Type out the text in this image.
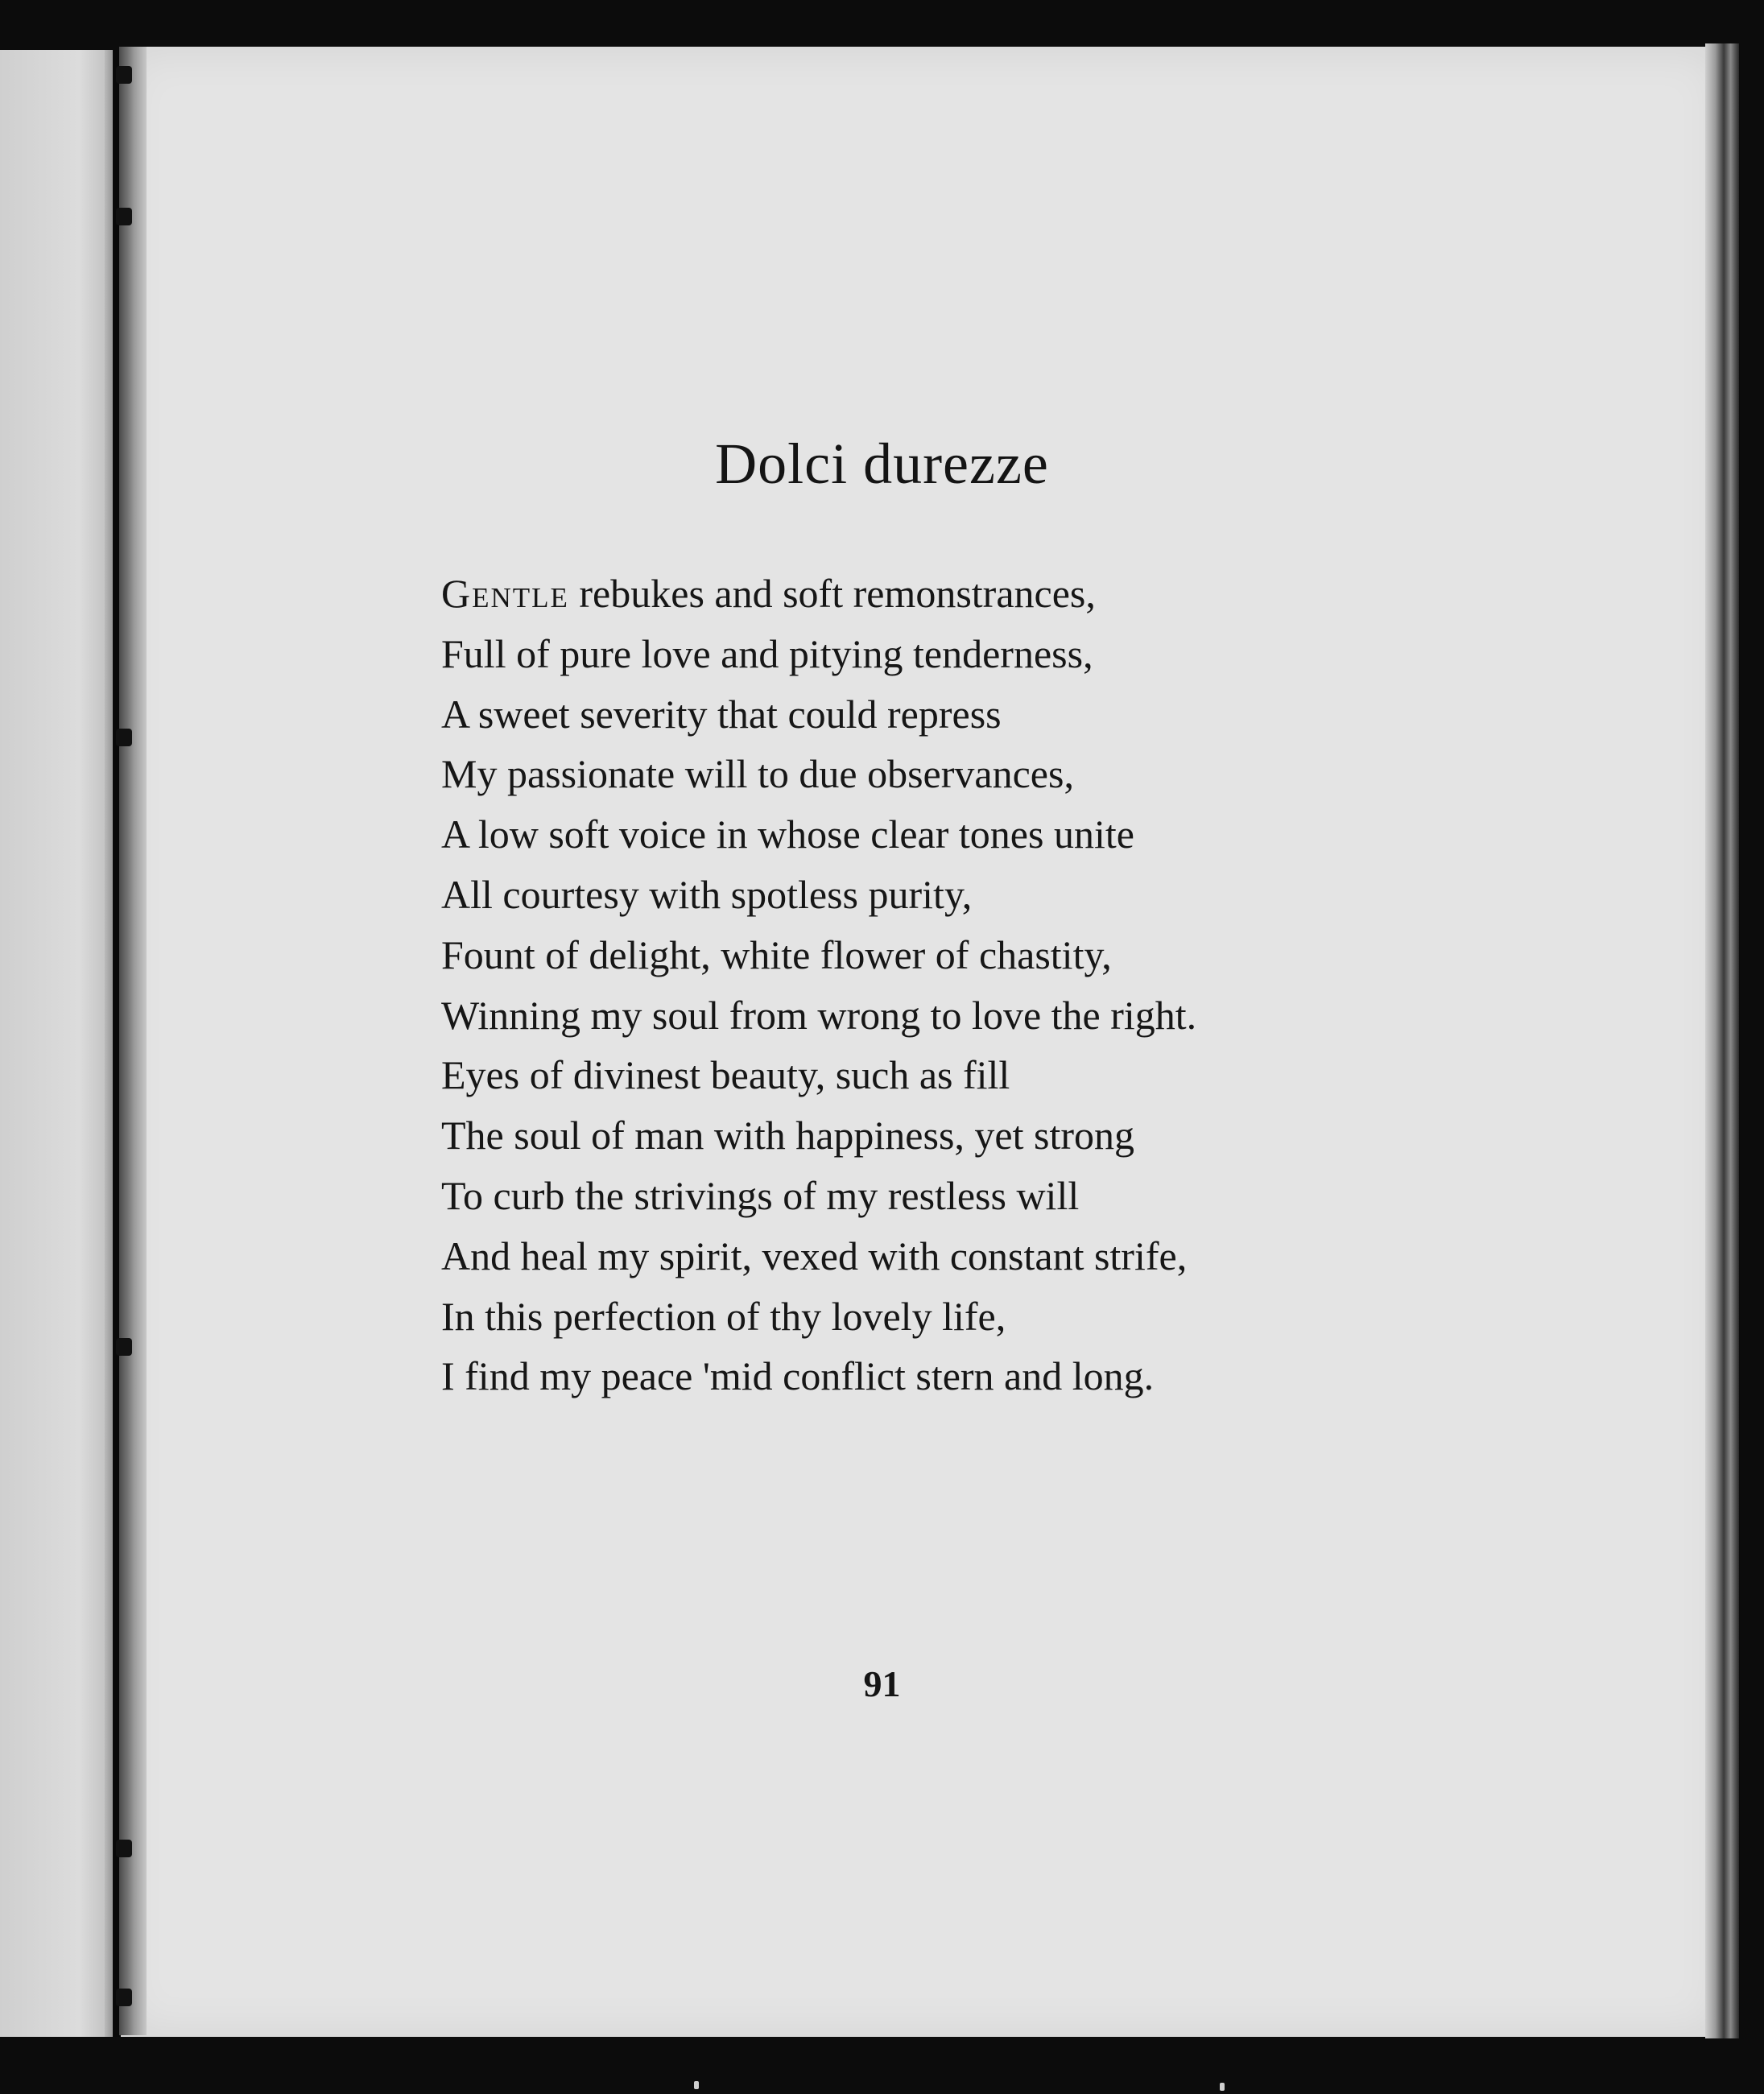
Dolci durezze
Gentle rebukes and soft remonstrances,
Full of pure love and pitying tenderness,
A sweet severity that could repress
My passionate will to due observances,
A low soft voice in whose clear tones unite
All courtesy with spotless purity,
Fount of delight, white flower of chastity,
Winning my soul from wrong to love the right.
Eyes of divinest beauty, such as fill
The soul of man with happiness, yet strong
To curb the strivings of my restless will
And heal my spirit, vexed with constant strife,
In this perfection of thy lovely life,
I find my peace 'mid conflict stern and long.
91
